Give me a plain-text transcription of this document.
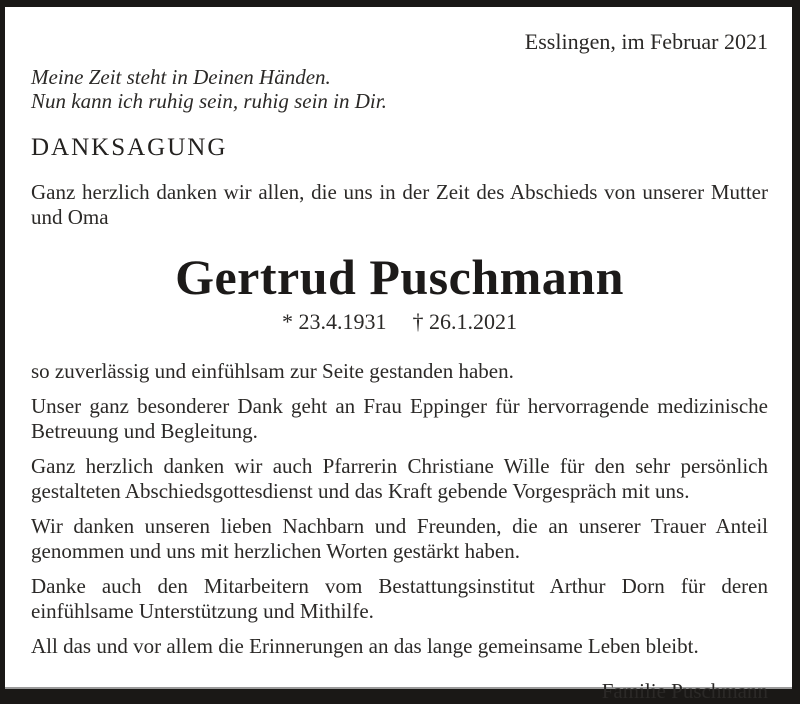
Esslingen, im Februar 2021
Meine Zeit steht in Deinen Händen.
Nun kann ich ruhig sein, ruhig sein in Dir.
DANKSAGUNG

Ganz herzlich danken wir allen, die uns in der Zeit des Abschieds von unserer Mutter und Oma

Gertrud Puschmann
* 23.4.1931 † 26.1.2021

so zuverlässig und einfühlsam zur Seite gestanden haben.

Unser ganz besonderer Dank geht an Frau Eppinger für hervorragende medizinische Betreuung und Begleitung.

Ganz herzlich danken wir auch Pfarrerin Christiane Wille für den sehr persönlich gestalteten Abschiedsgottesdienst und das Kraft gebende Vorgespräch mit uns.

Wir danken unseren lieben Nachbarn und Freunden, die an unserer Trauer Anteil genommen und uns mit herzlichen Worten gestärkt haben.

Danke auch den Mitarbeitern vom Bestattungsinstitut Arthur Dorn für deren einfühlsame Unterstützung und Mithilfe.

All das und vor allem die Erinnerungen an das lange gemeinsame Leben bleibt.

Familie Puschmann
